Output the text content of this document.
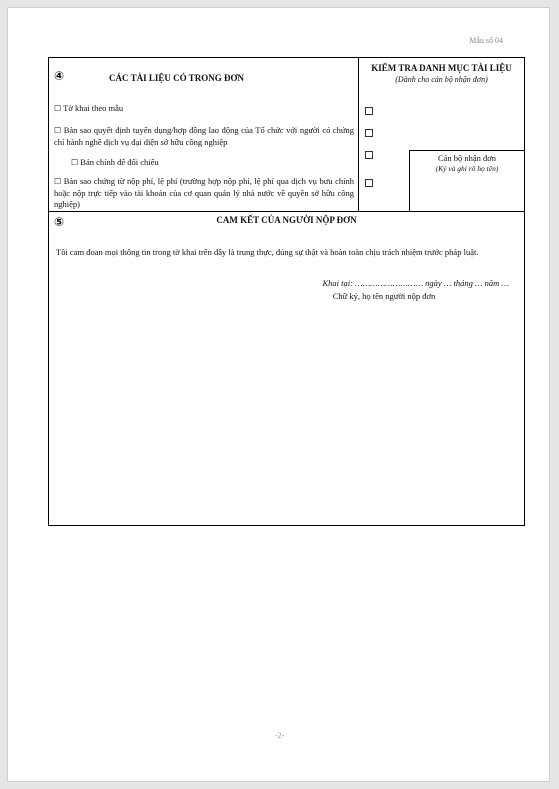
Mẫu số 04
④	CÁC TÀI LIỆU CÓ TRONG ĐƠN
☐ Tờ khai theo mẫu
☐ Bản sao quyết định tuyển dụng/hợp đồng lao động của Tổ chức với người có chứng chỉ hành nghề dịch vụ đại diện sở hữu công nghiệp
☐ Bản chính để đối chiếu
☐ Bản sao chứng từ nộp phí, lệ phí (trường hợp nộp phí, lệ phí qua dịch vụ bưu chính hoặc nộp trực tiếp vào tài khoản của cơ quan quản lý nhà nước về quyền sở hữu công nghiệp)
KIỂM TRA DANH MỤC TÀI LIỆU
(Dành cho cán bộ nhận đơn)
Cán bộ nhận đơn
(Ký và ghi rõ họ tên)
⑤	CAM KẾT CỦA NGƯỜI NỘP ĐƠN
Tôi cam đoan mọi thông tin trong tờ khai trên đây là trung thực, đúng sự thật và hoàn toàn chịu trách nhiệm trước pháp luật.
Khai tại: ……………………… ngày … tháng … năm …
Chữ ký, họ tên người nộp đơn
-2-
